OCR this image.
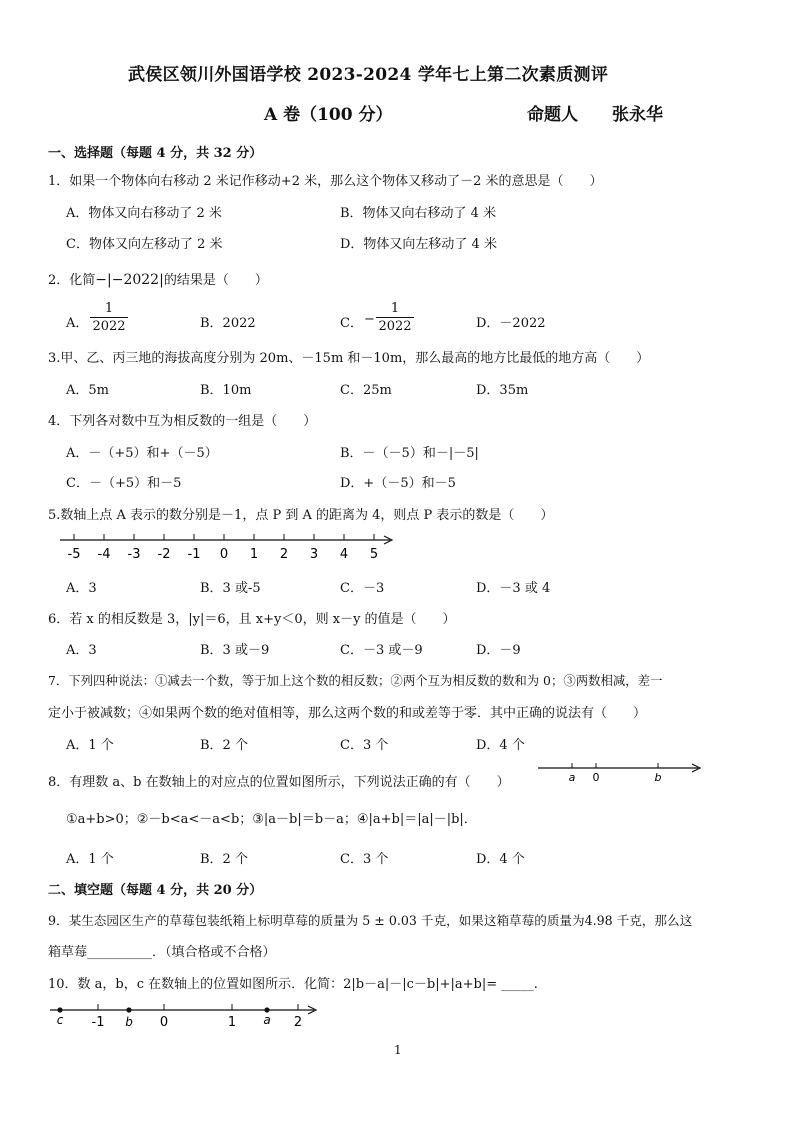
武侯区领川外国语学校 2023-2024 学年七上第二次素质测评
A 卷（100 分）	命题人 张永华
一、选择题（每题 4 分，共 32 分）
1．如果一个物体向右移动 2 米记作移动+2 米，那么这个物体又移动了－2 米的意思是（　　）
A．物体又向右移动了 2 米	B．物体又向右移动了 4 米
C．物体又向左移动了 2 米	D．物体又向左移动了 4 米
2．化简−|−2022|的结果是（　　）
A． $\frac{1}{2022}$	B．2022	C． − $\frac{1}{2022}$	D．－2022
3.甲、乙、丙三地的海拔高度分别为 20m、－15m 和－10m，那么最高的地方比最低的地方高（　　）
A．5m	B．10m	C．25m	D．35m
4．下列各对数中互为相反数的一组是（　　）
A．－（+5）和+（－5）	B．－（－5）和－|－5|
C．－（+5）和－5	D．+（－5）和－5
5.数轴上点 A 表示的数分别是－1，点 P 到 A 的距离为 4，则点 P 表示的数是（　　）
-5 -4 -3 -2 -1 0 1 2 3 4 5
A．3	B．3 或-5	C．－3	D．－3 或 4
6．若 x 的相反数是 3，|y|＝6，且 x+y＜0，则 x－y 的值是（　　）
A．3	B．3 或－9	C．－3 或－9	D．－9
7．下列四种说法：①减去一个数，等于加上这个数的相反数；②两个互为相反数的数和为 0；③两数相减，差一
定小于被减数；④如果两个数的绝对值相等，那么这两个数的和或差等于零．其中正确的说法有（　　）
A．1 个	B．2 个	C．3 个	D．4 个
8．有理数 a、b 在数轴上的对应点的位置如图所示，下列说法正确的有（　　）	a 0	b
①a+b>0；②－b<a<－a<b；③|a－b|＝b－a；④|a+b|＝|a|－|b|．
A．1 个	B．2 个	C．3 个	D．4 个
二、填空题（每题 4 分，共 20 分）
9．某生态园区生产的草莓包装纸箱上标明草莓的质量为 5 ± 0.03 千克，如果这箱草莓的质量为4.98 千克，那么这
箱草莓__________．（填合格或不合格）
10．数 a，b，c 在数轴上的位置如图所示．化简：2|b－a|－|c－b|+|a+b|= _____.
c -1 b 0	1 a 2
1
